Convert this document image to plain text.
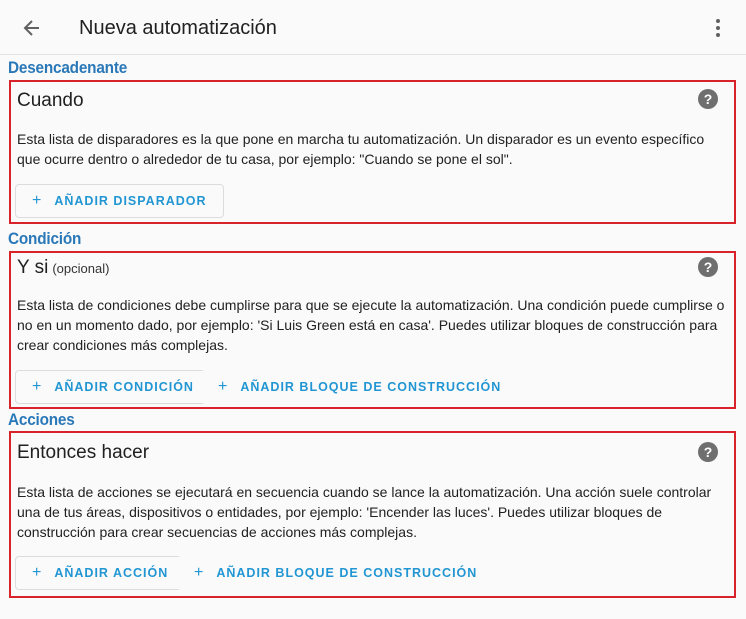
Nueva automatización
Desencadenante
Cuando	?
Esta lista de disparadores es la que pone en marcha tu automatización. Un disparador es un evento específico que ocurre dentro o alrededor de tu casa, por ejemplo: "Cuando se pone el sol".
+ AÑADIR DISPARADOR
Condición
Y si (opcional)	?
Esta lista de condiciones debe cumplirse para que se ejecute la automatización. Una condición puede cumplirse o no en un momento dado, por ejemplo: 'Si Luis Green está en casa'. Puedes utilizar bloques de construcción para crear condiciones más complejas.
+ AÑADIR CONDICIÓN + AÑADIR BLOQUE DE CONSTRUCCIÓN
Acciones
Entonces hacer	?
Esta lista de acciones se ejecutará en secuencia cuando se lance la automatización. Una acción suele controlar una de tus áreas, dispositivos o entidades, por ejemplo: 'Encender las luces'. Puedes utilizar bloques de construcción para crear secuencias de acciones más complejas.
+ AÑADIR ACCIÓN + AÑADIR BLOQUE DE CONSTRUCCIÓN
